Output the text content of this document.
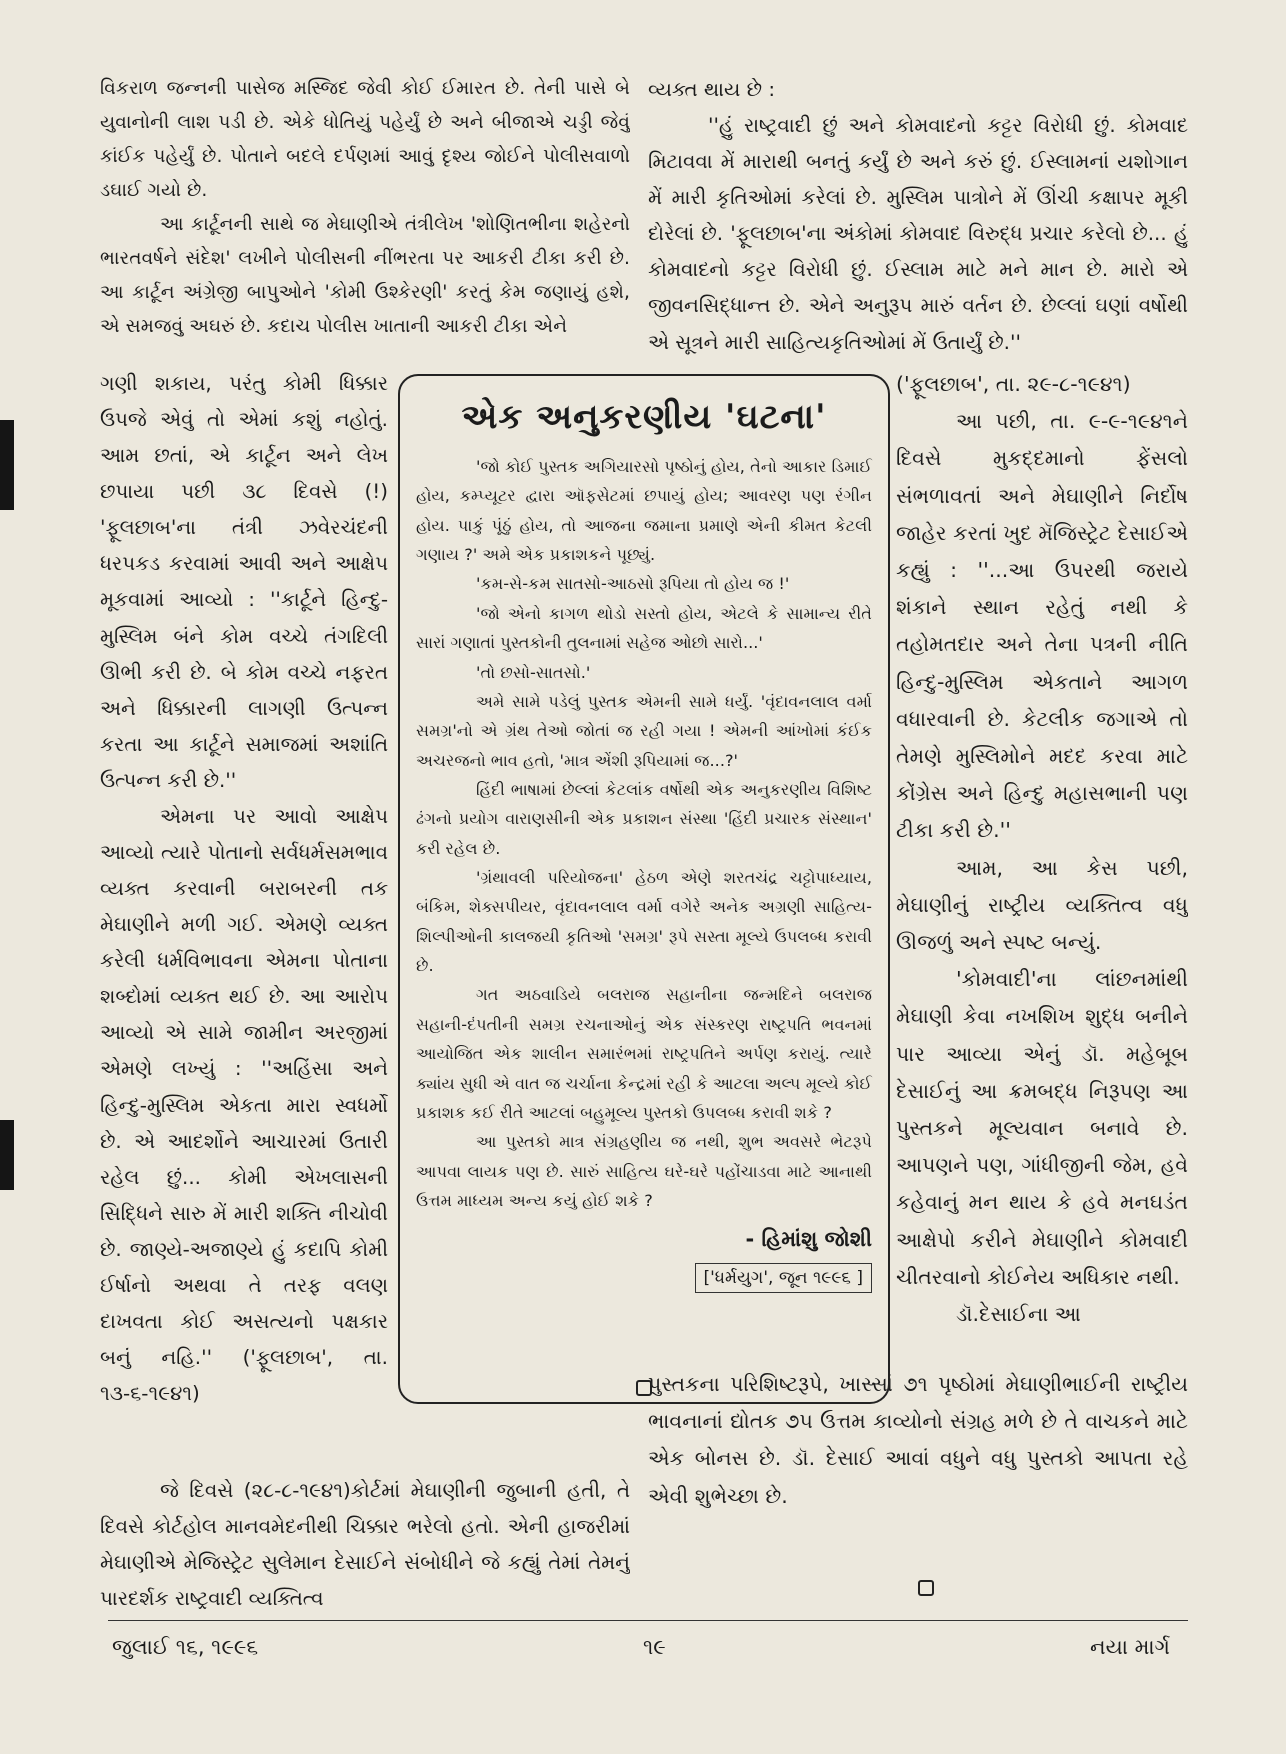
વિકરાળ જન્નની પાસેજ મસ્જિદ જેવી કોઈ ઈમારત છે. તેની પાસે બે યુવાનોની લાશ પડી છે. એકે ધોતિયું પહેર્યું છે અને બીજાએ ચડ્ડી જેવું કાંઈક પહેર્યું છે. પોતાને બદલે દર્પણમાં આવું દૃશ્ય જોઈને પોલીસવાળો ડઘાઈ ગયો છે.

આ કાર્ટૂનની સાથે જ મેઘાણીએ તંત્રીલેખ 'શોણિતભીના શહેરનો ભારતવર્ષને સંદેશ' લખીને પોલીસની નીંભરતા પર આકરી ટીકા કરી છે. આ કાર્ટૂન અંગ્રેજી બાપુઓને 'કોમી ઉશ્કેરણી' કરતું કેમ જણાયું હશે, એ સમજવું અઘરું છે. કદાચ પોલીસ ખાતાની આકરી ટીકા એને

ગણી શકાય, પરંતુ કોમી ધિક્કાર ઉપજે એવું તો એમાં કશું નહોતું. આમ છતાં, એ કાર્ટૂન અને લેખ છપાયા પછી ૩૮ દિવસે (!) 'ફૂલછાબ'ના તંત્રી ઝવેરચંદની ધરપકડ કરવામાં આવી અને આક્ષેપ મૂકવામાં આવ્યો : ''કાર્ટૂને હિન્દુ-મુસ્લિમ બંને કોમ વચ્ચે તંગદિલી ઊભી કરી છે. બે કોમ વચ્ચે નફરત અને ધિક્કારની લાગણી ઉત્પન્ન કરતા આ કાર્ટૂને સમાજમાં અશાંતિ ઉત્પન્ન કરી છે.''

એમના પર આવો આક્ષેપ આવ્યો ત્યારે પોતાનો સર્વધર્મસમભાવ વ્યક્ત કરવાની બરાબરની તક મેઘાણીને મળી ગઈ. એમણે વ્યક્ત કરેલી ધર્મવિભાવના એમના પોતાના શબ્દોમાં વ્યક્ત થઈ છે. આ આરોપ આવ્યો એ સામે જામીન અરજીમાં એમણે લખ્યું : ''અહિંસા અને હિન્દુ-મુસ્લિમ એકતા મારા સ્વધર્મો છે. એ આદર્શોને આચારમાં ઉતારી રહેલ છું... કોમી એખલાસની સિદ્ધિને સારુ મેં મારી શક્તિ નીચોવી છે. જાણ્યે-અજાણ્યે હું કદાપિ કોમી ઈર્ષાનો અથવા તે તરફ વલણ દાખવતા કોઈ અસત્યનો પક્ષકાર બનું નહિ.'' ('ફૂલછાબ', તા. ૧૩-૬-૧૯૪૧)

જે દિવસે (૨૮-૮-૧૯૪૧)કોર્ટમાં મેઘાણીની જુબાની હતી, તે દિવસે કોર્ટહોલ માનવમેદનીથી ચિક્કાર ભરેલો હતો. એની હાજરીમાં મેઘાણીએ મેજિસ્ટ્રેટ સુલેમાન દેસાઈને સંબોધીને જે કહ્યું તેમાં તેમનું પારદર્શક રાષ્ટ્રવાદી વ્યક્તિત્વ

વ્યક્ત થાય છે :

''હું રાષ્ટ્રવાદી છું અને કોમવાદનો કટ્ટર વિરોધી છું. કોમવાદ મિટાવવા મેં મારાથી બનતું કર્યું છે અને કરું છું. ઈસ્લામનાં યશોગાન મેં મારી કૃતિઓમાં કરેલાં છે. મુસ્લિમ પાત્રોને મેં ઊંચી કક્ષાપર મૂકી દોરેલાં છે. 'ફૂલછાબ'ના અંકોમાં કોમવાદ વિરુદ્ધ પ્રચાર કરેલો છે... હું કોમવાદનો કટ્ટર વિરોધી છું. ઈસ્લામ માટે મને માન છે. મારો એ જીવનસિદ્ધાન્ત છે. એને અનુરૂપ મારું વર્તન છે. છેલ્લાં ઘણાં વર્ષોથી એ સૂત્રને મારી સાહિત્યકૃતિઓમાં મેં ઉતાર્યું છે.''

('ફૂલછાબ', તા. ૨૯-૮-૧૯૪૧)

આ પછી, તા. ૯-૯-૧૯૪૧ને દિવસે મુકદ્દમાનો ફેંસલો સંભળાવતાં અને મેઘાણીને નિર્દોષ જાહેર કરતાં ખુદ મૅજિસ્ટ્રેટ દેસાઈએ કહ્યું : ''...આ ઉપરથી જરાયે શંકાને સ્થાન રહેતું નથી કે તહોમતદાર અને તેના પત્રની નીતિ હિન્દુ-મુસ્લિમ એકતાને આગળ વધારવાની છે. કેટલીક જગાએ તો તેમણે મુસ્લિમોને મદદ કરવા માટે કોંગ્રેસ અને હિન્દુ મહાસભાની પણ ટીકા કરી છે.''

આમ, આ કેસ પછી, મેઘાણીનું રાષ્ટ્રીય વ્યક્તિત્વ વધુ ઊજળું અને સ્પષ્ટ બન્યું.

'કોમવાદી'ના લાંછનમાંથી મેઘાણી કેવા નખશિખ શુદ્ધ બનીને પાર આવ્યા એનું ડૉ. મહેબૂબ દેસાઈનું આ ક્રમબદ્ધ નિરૂપણ આ પુસ્તકને મૂલ્યવાન બનાવે છે. આપણને પણ, ગાંધીજીની જેમ, હવે કહેવાનું મન થાય કે હવે મનઘડંત આક્ષેપો કરીને મેઘાણીને કોમવાદી ચીતરવાનો કોઈનેય અધિકાર નથી.

ડૉ.દેસાઈના આ

પુસ્તકના પરિશિષ્ટરૂપે, ખાસ્સાં ૭૧ પૃષ્ઠોમાં મેઘાણીભાઈની રાષ્ટ્રીય ભાવનાનાં દ્યોતક ૭૫ ઉત્તમ કાવ્યોનો સંગ્રહ મળે છે તે વાચકને માટે એક બોનસ છે. ડૉ. દેસાઈ આવાં વધુને વધુ પુસ્તકો આપતા રહે એવી શુભેચ્છા છે.

એક અનુકરણીય 'ઘટના'

'જો કોઈ પુસ્તક અગિયારસો પૃષ્ઠોનું હોય, તેનો આકાર ડિમાઈ હોય, કમ્પ્યૂટર દ્વારા ઑફસેટમાં છપાયું હોય; આવરણ પણ રંગીન હોય. પાકું પૂંઠું હોય, તો આજના જમાના પ્રમાણે એની કીમત કેટલી ગણાય ?' અમે એક પ્રકાશકને પૂછ્યું.

'કમ-સે-કમ સાતસો-આઠસો રૂપિયા તો હોય જ !'

'જો એનો કાગળ થોડો સસ્તો હોય, એટલે કે સામાન્ય રીતે સારાં ગણાતાં પુસ્તકોની તુલનામાં સહેજ ઓછો સારો...'

'તો છસો-સાતસો.'

અમે સામે પડેલું પુસ્તક એમની સામે ધર્યું. 'વૃંદાવનલાલ વર્મા સમગ્ર'નો એ ગ્રંથ તેઓ જોતાં જ રહી ગયા ! એમની આંખોમાં કંઈક અચરજનો ભાવ હતો, 'માત્ર એંશી રૂપિયામાં જ...?'

હિંદી ભાષામાં છેલ્લાં કેટલાંક વર્ષોથી એક અનુકરણીય વિશિષ્ટ ઢંગનો પ્રયોગ વારાણસીની એક પ્રકાશન સંસ્થા 'હિંદી પ્રચારક સંસ્થાન' કરી રહેલ છે.

'ગ્રંથાવલી પરિયોજના' હેઠળ એણે શરતચંદ્ર ચટ્ટોપાધ્યાય, બંકિમ, શેક્સપીયર, વૃંદાવનલાલ વર્મા વગેરે અનેક અગ્રણી સાહિત્ય-શિલ્પીઓની કાલજયી કૃતિઓ 'સમગ્ર' રૂપે સસ્તા મૂલ્યે ઉપલબ્ધ કરાવી છે.

ગત અઠવાડિયે બલરાજ સહાનીના જન્મદિને બલરાજ સહાની-દંપતીની સમગ્ર રચનાઓનું એક સંસ્કરણ રાષ્ટ્રપતિ ભવનમાં આયોજિત એક શાલીન સમારંભમાં રાષ્ટ્રપતિને અર્પણ કરાયું. ત્યારે ક્યાંય સુધી એ વાત જ ચર્ચાના કેન્દ્રમાં રહી કે આટલા અલ્પ મૂલ્યે કોઈ પ્રકાશક કઈ રીતે આટલાં બહુમૂલ્ય પુસ્તકો ઉપલબ્ધ કરાવી શકે ?

આ પુસ્તકો માત્ર સંગ્રહણીય જ નથી, શુભ અવસરે ભેટરૂપે આપવા લાયક પણ છે. સારું સાહિત્ય ઘરે-ઘરે પહોંચાડવા માટે આનાથી ઉત્તમ માધ્યમ અન્ય કયું હોઈ શકે ?

- હિમાંશુ જોશી
['ધર્મયુગ', જૂન ૧૯૯૬ ]
જુલાઈ ૧૬, ૧૯૯૬	૧૯	નયા માર્ગ
